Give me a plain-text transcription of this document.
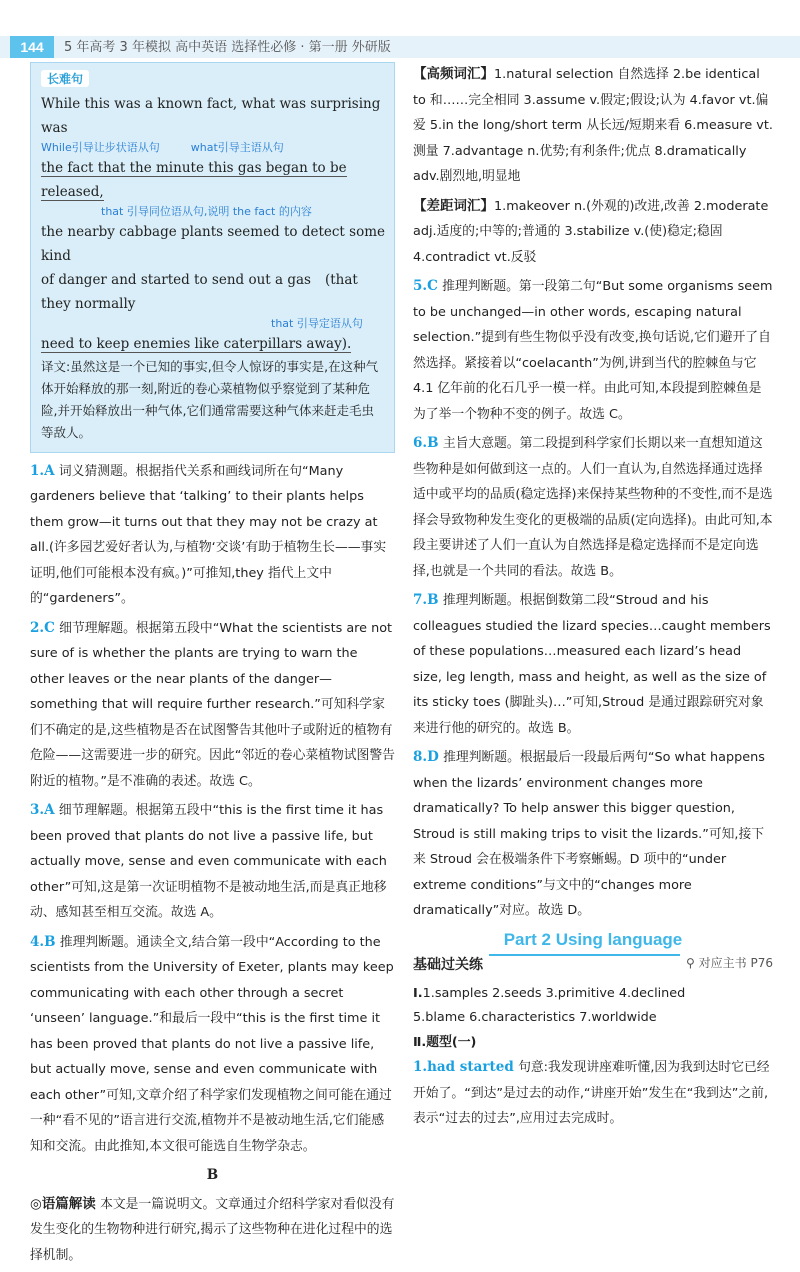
144	5 年高考 3 年模拟 高中英语 选择性必修 · 第一册 外研版
长难句
While this was a known fact, what was surprising was
While引导让步状语从句	what引导主语从句
the fact that the minute this gas began to be released,
that 引导同位语从句,说明 the fact 的内容
the nearby cabbage plants seemed to detect some kind
of danger and started to send out a gas (that they normally
that 引导定语从句
need to keep enemies like caterpillars away).
译文:虽然这是一个已知的事实,但令人惊讶的事实是,在这种气体开始释放的那一刻,附近的卷心菜植物似乎察觉到了某种危险,并开始释放出一种气体,它们通常需要这种气体来赶走毛虫等敌人。
1.A 词义猜测题。根据指代关系和画线词所在句“Many gardeners believe that ‘talking’ to their plants helps them grow—it turns out that they may not be crazy at all.(许多园艺爱好者认为,与植物‘交谈’有助于植物生长——事实证明,他们可能根本没有疯。)”可推知,they 指代上文中的“gardeners”。
2.C 细节理解题。根据第五段中“What the scientists are not sure of is whether the plants are trying to warn the other leaves or the near plants of the danger—something that will require further research.”可知科学家们不确定的是,这些植物是否在试图警告其他叶子或附近的植物有危险——这需要进一步的研究。因此“邻近的卷心菜植物试图警告附近的植物。”是不准确的表述。故选 C。
3.A 细节理解题。根据第五段中“this is the first time it has been proved that plants do not live a passive life, but actually move, sense and even communicate with each other”可知,这是第一次证明植物不是被动地生活,而是真正地移动、感知甚至相互交流。故选 A。
4.B 推理判断题。通读全文,结合第一段中“According to the scientists from the University of Exeter, plants may keep communicating with each other through a secret ‘unseen’ language.”和最后一段中“this is the first time it has been proved that plants do not live a passive life, but actually move, sense and even communicate with each other”可知,文章介绍了科学家们发现植物之间可能在通过一种“看不见的”语言进行交流,植物并不是被动地生活,它们能感知和交流。由此推知,本文很可能选自生物学杂志。
B
◎语篇解读 本文是一篇说明文。文章通过介绍科学家对看似没有发生变化的生物物种进行研究,揭示了这些物种在进化过程中的选择机制。
【高频词汇】1.natural selection 自然选择 2.be identical to 和……完全相同 3.assume v.假定;假设;认为 4.favor vt.偏爱 5.in the long/short term 从长远/短期来看 6.measure vt.测量 7.advantage n.优势;有利条件;优点 8.dramatically adv.剧烈地,明显地
【差距词汇】1.makeover n.(外观的)改进,改善 2.moderate adj.适度的;中等的;普通的 3.stabilize v.(使)稳定;稳固 4.contradict vt.反驳
5.C 推理判断题。第一段第二句“But some organisms seem to be unchanged—in other words, escaping natural selection.”提到有些生物似乎没有改变,换句话说,它们避开了自然选择。紧接着以“coelacanth”为例,讲到当代的腔棘鱼与它 4.1 亿年前的化石几乎一模一样。由此可知,本段提到腔棘鱼是为了举一个物种不变的例子。故选 C。
6.B 主旨大意题。第二段提到科学家们长期以来一直想知道这些物种是如何做到这一点的。人们一直认为,自然选择通过选择适中或平均的品质(稳定选择)来保持某些物种的不变性,而不是选择会导致物种发生变化的更极端的品质(定向选择)。由此可知,本段主要讲述了人们一直认为自然选择是稳定选择而不是定向选择,也就是一个共同的看法。故选 B。
7.B 推理判断题。根据倒数第二段“Stroud and his colleagues studied the lizard species…caught members of these populations…measured each lizard’s head size, leg length, mass and height, as well as the size of its sticky toes (脚趾头)…”可知,Stroud 是通过跟踪研究对象来进行他的研究的。故选 B。
8.D 推理判断题。根据最后一段最后两句“So what happens when the lizards’ environment changes more dramatically? To help answer this bigger question, Stroud is still making trips to visit the lizards.”可知,接下来 Stroud 会在极端条件下考察蜥蜴。D 项中的“under extreme conditions”与文中的“changes more dramatically”对应。故选 D。
Part 2 Using language
基础过关练	⚲ 对应主书 P76
Ⅰ.1.samples 2.seeds 3.primitive 4.declined
5.blame 6.characteristics 7.worldwide
Ⅱ.题型(一)
1.had started 句意:我发现讲座难听懂,因为我到达时它已经开始了。“到达”是过去的动作,“讲座开始”发生在“我到达”之前,表示“过去的过去”,应用过去完成时。
